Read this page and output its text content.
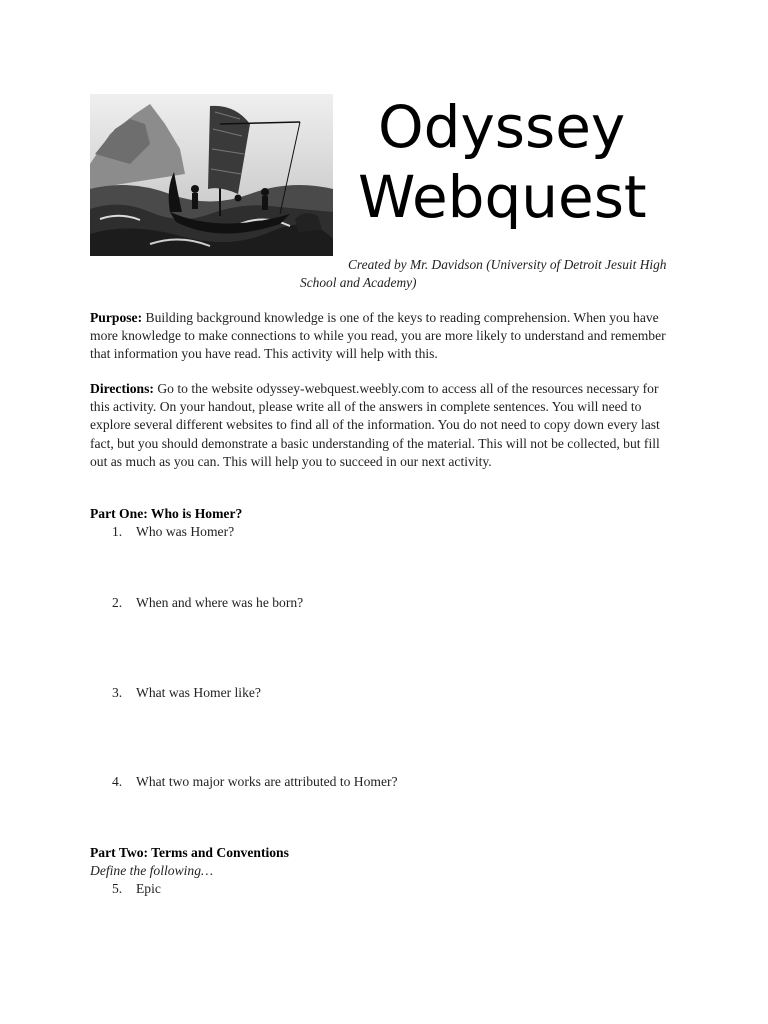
Odyssey
Webquest
Created by Mr. Davidson (University of Detroit Jesuit High School and Academy)
Purpose: Building background knowledge is one of the keys to reading comprehension. When you have more knowledge to make connections to while you read, you are more likely to understand and remember that information you have read. This activity will help with this.
Directions: Go to the website odyssey-webquest.weebly.com to access all of the resources necessary for this activity. On your handout, please write all of the answers in complete sentences. You will need to explore several different websites to find all of the information. You do not need to copy down every last fact, but you should demonstrate a basic understanding of the material. This will not be collected, but fill out as much as you can. This will help you to succeed in our next activity.
Part One: Who is Homer?
1.	Who was Homer?
2.	When and where was he born?
3.	What was Homer like?
4.	What two major works are attributed to Homer?
Part Two: Terms and Conventions
Define the following…
5.	Epic
